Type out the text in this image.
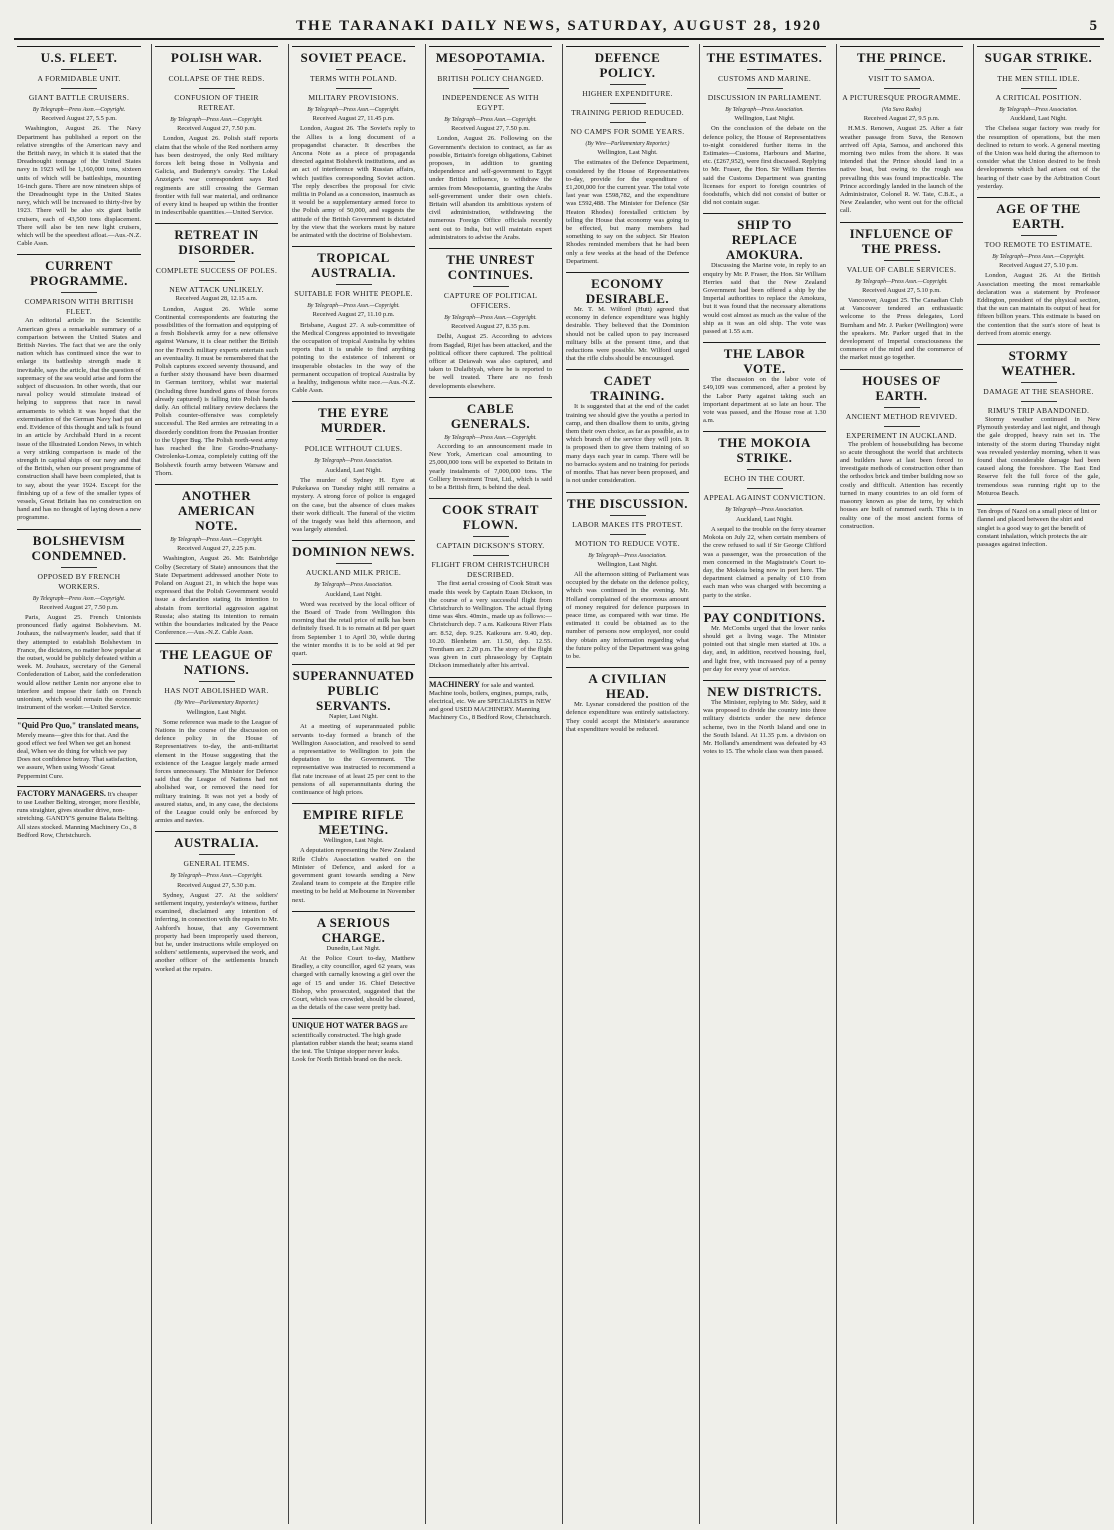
THE TARANAKI DAILY NEWS, SATURDAY, AUGUST 28, 1920	5
U.S. FLEET.
A FORMIDABLE UNIT.
GIANT BATTLE CRUISERS.
By Telegraph—Press Assn.—Copyright.
Received August 27, 5.5 p.m.

Washington, August 26. The Navy Department has published a report on the relative strengths of the American navy and the British navy, in which it is stated that the Dreadnought tonnage of the United States navy in 1923 will be 1,160,000 tons, sixteen units of which will be battleships, mounting 16-inch guns. There are now nineteen ships of the Dreadnought type in the United States navy, which will be increased to thirty-five by 1923. There will be also six giant battle cruisers, each of 43,500 tons displacement. There will also be ten new light cruisers, which will be the speediest afloat.—Aus.-N.Z. Cable Assn.

CURRENT PROGRAMME.
COMPARISON WITH BRITISH FLEET.

An editorial article in the Scientific American gives a remarkable summary of a comparison between the United States and British Navies. The fact that we are the only nation which has continued since the war to enlarge its battleship strength made it inevitable, says the article, that the question of supremacy of the sea would arise and form the subject of discussion. In other words, that our naval policy would stimulate instead of helping to suppress that race in naval armaments to which it was hoped that the extermination of the German Navy had put an end. Evidence of this thought and talk is found in an article by Archibald Hurd in a recent issue of the Illustrated London News, in which a very striking comparison is made of the strength in capital ships of our navy and that of the British, when our present programme of construction shall have been completed, that is to say, about the year 1924. Except for the finishing up of a few of the smaller types of vessels, Great Britain has no construction on hand and has no thought of laying down a new programme.

BOLSHEVISM CONDEMNED.
OPPOSED BY FRENCH WORKERS.
By Telegraph—Press Assn.—Copyright.
Received August 27, 7.50 p.m.

Paris, August 25. French Unionists pronounced flatly against Bolshevism. M. Jouhaux, the railwaymen's leader, said that if they attempted to establish Bolshevism in France, the dictators, no matter how popular at the outset, would be publicly defeated within a week. M. Jouhaux, secretary of the General Confederation of Labor, said the confederation would allow neither Lenin nor anyone else to interfere and impose their faith on French unionism, which would remain the economic instrument of the worker.—United Service.

"Quid Pro Quo," translated means, Merely means—give this for that. And the good effect we feel When we get an honest deal, When we do thing for which we pay Does not confidence betray. That satisfaction, we assure, When using Woods' Great Peppermint Cure.
FACTORY MANAGERS. It's cheaper to use Leather Belting, stronger, more flexible, runs straighter, gives steadier drive, non-stretching. GANDY'S genuine Balata Belting. All sizes stocked. Manning Machinery Co., 8 Bedford Row, Christchurch.
POLISH WAR.
COLLAPSE OF THE REDS.
CONFUSION OF THEIR RETREAT.
By Telegraph—Press Assn.—Copyright.
Received August 27, 7.50 p.m.

London, August 26. Polish staff reports claim that the whole of the Red northern army has been destroyed, the only Red military forces left being those in Volhynia and Galicia, and Budenny's cavalry. The Lokal Anzeiger's war correspondent says Red regiments are still crossing the German frontier with full war material, and ordinance of every kind is heaped up within the frontier in indescribable quantities.—United Service.

RETREAT IN DISORDER.
COMPLETE SUCCESS OF POLES.
NEW ATTACK UNLIKELY.
Received August 28, 12.15 a.m.

London, August 26. While some Continental correspondents are featuring the possibilities of the formation and equipping of a fresh Bolshevik army for a new offensive against Warsaw, it is clear neither the British nor the French military experts entertain such an eventuality. It must be remembered that the Polish captures exceed seventy thousand, and a further sixty thousand have been disarmed in German territory, whilst war material (including three hundred guns of those forces already captured) is falling into Polish hands daily. An official military review declares the Polish counter-offensive was completely successful. The Red armies are retreating in a disorderly condition from the Prussian frontier to the Upper Bug. The Polish north-west army has reached the line Grodno-Pruzhany-Ostrolenka-Lomza, completely cutting off the Bolshevik fourth army between Warsaw and Thorn.

ANOTHER AMERICAN NOTE.
By Telegraph—Press Assn.—Copyright.
Received August 27, 2.25 p.m.

Washington, August 26. Mr. Bainbridge Colby (Secretary of State) announces that the State Department addressed another Note to Poland on August 21, in which the hope was expressed that the Polish Government would issue a declaration stating its intention to abstain from territorial aggression against Russia; also stating its intention to remain within the boundaries indicated by the Peace Conference.—Aus.-N.Z. Cable Assn.

THE LEAGUE OF NATIONS.
HAS NOT ABOLISHED WAR.
(By Wire—Parliamentary Reporter.)
Wellington, Last Night.

Some reference was made to the League of Nations in the course of the discussion on defence policy in the House of Representatives to-day, the anti-militarist element in the House suggesting that the existence of the League largely made armed forces unnecessary. The Minister for Defence said that the League of Nations had not abolished war, or removed the need for military training. It was not yet a body of assured status, and, in any case, the decisions of the League could only be enforced by armies and navies.

AUSTRALIA.
GENERAL ITEMS.
By Telegraph—Press Assn.—Copyright.
Received August 27, 5.30 p.m.

Sydney, August 27. At the soldiers' settlement inquiry, yesterday's witness, further examined, disclaimed any intention of inferring, in connection with the repairs to Mr. Ashford's house, that any Government property had been improperly used thereon, but he, under instructions while employed on soldiers' settlements, supervised the work, and another officer of the settlements branch worked at the repairs.

SOVIET PEACE.
TERMS WITH POLAND.
MILITARY PROVISIONS.
By Telegraph—Press Assn.—Copyright.
Received August 27, 11.45 p.m.

London, August 26. The Soviet's reply to the Allies is a long document of a propagandist character. It describes the Ancona Note as a piece of propaganda directed against Bolshevik institutions, and as an act of interference with Russian affairs, which justifies corresponding Soviet action. The reply describes the proposal for civic militia in Poland as a concession, inasmuch as it would be a supplementary armed force to the Polish army of 50,000, and suggests the attitude of the British Government is dictated by the view that the workers must by nature be animated with the doctrine of Bolshevism.

TROPICAL AUSTRALIA.
SUITABLE FOR WHITE PEOPLE.
By Telegraph—Press Assn.—Copyright.
Received August 27, 11.10 p.m.

Brisbane, August 27. A sub-committee of the Medical Congress appointed to investigate the occupation of tropical Australia by whites reports that it is unable to find anything pointing to the existence of inherent or insuperable obstacles in the way of the permanent occupation of tropical Australia by a healthy, indigenous white race.—Aus.-N.Z. Cable Assn.

THE EYRE MURDER.
POLICE WITHOUT CLUES.
By Telegraph—Press Association.
Auckland, Last Night.

The murder of Sydney H. Eyre at Pukekawa on Tuesday night still remains a mystery. A strong force of police is engaged on the case, but the absence of clues makes their work difficult. The funeral of the victim of the tragedy was held this afternoon, and was largely attended.

DOMINION NEWS.
AUCKLAND MILK PRICE.
By Telegraph—Press Association.
Auckland, Last Night.

Word was received by the local officer of the Board of Trade from Wellington this morning that the retail price of milk has been definitely fixed. It is to remain at 8d per quart from September 1 to April 30, while during the winter months it is to be sold at 9d per quart.

SUPERANNUATED PUBLIC SERVANTS.
Napier, Last Night.

At a meeting of superannuated public servants to-day formed a branch of the Wellington Association, and resolved to send a representative to Wellington to join the deputation to the Government. The representative was instructed to recommend a flat rate increase of at least 25 per cent to the pensions of all superannuitants during the continuance of high prices.

EMPIRE RIFLE MEETING.
Wellington, Last Night.

A deputation representing the New Zealand Rifle Club's Association waited on the Minister of Defence, and asked for a government grant towards sending a New Zealand team to compete at the Empire rifle meeting to be held at Melbourne in November next.

A SERIOUS CHARGE.
Dunedin, Last Night.

At the Police Court to-day, Matthew Bradley, a city councillor, aged 62 years, was charged with carnally knowing a girl over the age of 15 and under 16. Chief Detective Bishop, who prosecuted, suggested that the Court, which was crowded, should be cleared, as the details of the case were pretty bad.

UNIQUE HOT WATER BAGS are scientifically constructed. The high grade plantation rubber stands the heat; seams stand the test. The Unique stopper never leaks. Look for North British brand on the neck.
MESOPOTAMIA.
BRITISH POLICY CHANGED.
INDEPENDENCE AS WITH EGYPT.
By Telegraph—Press Assn.—Copyright.
Received August 27, 7.50 p.m.

London, August 26. Following on the Government's decision to contract, as far as possible, Britain's foreign obligations, Cabinet proposes, in addition to granting independence and self-government to Egypt under British influence, to withdraw the armies from Mesopotamia, granting the Arabs self-government under their own chiefs. Britain will abandon its ambitious system of civil administration, withdrawing the numerous Foreign Office officials recently sent out to India, but will maintain expert administrators to advise the Arabs.

THE UNREST CONTINUES.
CAPTURE OF POLITICAL OFFICERS.
By Telegraph—Press Assn.—Copyright.
Received August 27, 8.35 p.m.

Delhi, August 25. According to advices from Bagdad, Rijet has been attacked, and the political officer there captured. The political officer at Deiawah was also captured, and taken to Dulaibiyah, where he is reported to be well treated. There are no fresh developments elsewhere.

CABLE GENERALS.
By Telegraph—Press Assn.—Copyright.

According to an announcement made in New York, American coal amounting to 25,000,000 tons will be exported to Britain in yearly instalments of 7,000,000 tons. The Colliery Investment Trust, Ltd., which is said to be a British firm, is behind the deal.

COOK STRAIT FLOWN.
CAPTAIN DICKSON'S STORY.
FLIGHT FROM CHRISTCHURCH DESCRIBED.

The first aerial crossing of Cook Strait was made this week by Captain Euan Dickson, in the course of a very successful flight from Christchurch to Wellington. The actual flying time was 4hrs. 40min., made up as follows:— Christchurch dep. 7 a.m. Kaikoura River Flats arr. 8.52, dep. 9.25. Kaikoura arr. 9.40, dep. 10.20. Blenheim arr. 11.50, dep. 12.55. Trentham arr. 2.20 p.m. The story of the flight was given in curt phraseology by Captain Dickson immediately after his arrival.

MACHINERY for sale and wanted. Machine tools, boilers, engines, pumps, rails, electrical, etc. We are SPECIALISTS in NEW and good USED MACHINERY. Manning Machinery Co., 8 Bedford Row, Christchurch.
DEFENCE POLICY.
HIGHER EXPENDITURE.
TRAINING PERIOD REDUCED.
NO CAMPS FOR SOME YEARS.
(By Wire—Parliamentary Reporter.)
Wellington, Last Night.

The estimates of the Defence Department, considered by the House of Representatives to-day, provide for the expenditure of £1,200,000 for the current year. The total vote last year was £598,782, and the expenditure was £592,488. The Minister for Defence (Sir Heaton Rhodes) forestalled criticism by telling the House that economy was going to be effected, but many members had something to say on the subject. Sir Heaton Rhodes reminded members that he had been only a few weeks at the head of the Defence Department.

ECONOMY DESIRABLE.

Mr. T. M. Wilford (Hutt) agreed that economy in defence expenditure was highly desirable. They believed that the Dominion should not be called upon to pay increased military bills at the present time, and that reductions were possible. Mr. Wilford urged that the rifle clubs should be encouraged.

CADET TRAINING.

It is suggested that at the end of the cadet training we should give the youths a period in camp, and then disallow them to units, giving them their own choice, as far as possible, as to which branch of the service they will join. It is proposed then to give them training of so many days each year in camp. There will be no barracks system and no training for periods of months. That has never been proposed, and is not under consideration.

THE DISCUSSION.
LABOR MAKES ITS PROTEST.
MOTION TO REDUCE VOTE.
By Telegraph—Press Association.
Wellington, Last Night.

All the afternoon sitting of Parliament was occupied by the debate on the defence policy, which was continued in the evening. Mr. Holland complained of the enormous amount of money required for defence purposes in peace time, as compared with war time. He estimated it could be obtained as to the number of persons now employed, nor could they obtain any information regarding what the future policy of the Department was going to be.

A CIVILIAN HEAD.

Mr. Lysnar considered the position of the defence expenditure was entirely satisfactory. They could accept the Minister's assurance that expenditure would be reduced.

THE ESTIMATES.
CUSTOMS AND MARINE.
DISCUSSION IN PARLIAMENT.
By Telegraph—Press Association.
Wellington, Last Night.

On the conclusion of the debate on the defence policy, the House of Representatives to-night considered further items in the Estimates—Customs, Harbours and Marine, etc. (£267,952), were first discussed. Replying to Mr. Fraser, the Hon. Sir William Herries said the Customs Department was granting licenses for export to foreign countries of foodstuffs, which did not consist of butter or did not contain sugar.

SHIP TO REPLACE AMOKURA.

Discussing the Marine vote, in reply to an enquiry by Mr. P. Fraser, the Hon. Sir William Herries said that the New Zealand Government had been offered a ship by the Imperial authorities to replace the Amokura, but it was found that the necessary alterations would cost almost as much as the value of the ship as it was an old ship. The vote was passed at 1.55 a.m.

THE LABOR VOTE.

The discussion on the labor vote of £49,109 was commenced, after a protest by the Labor Party against taking such an important department at so late an hour. The vote was passed, and the House rose at 1.30 a.m.

THE MOKOIA STRIKE.
ECHO IN THE COURT.
APPEAL AGAINST CONVICTION.
By Telegraph—Press Association.
Auckland, Last Night.

A sequel to the trouble on the ferry steamer Mokoia on July 22, when certain members of the crew refused to sail if Sir George Clifford was a passenger, was the prosecution of the men concerned in the Magistrate's Court to-day, the Mokoia being now in port here. The department claimed a penalty of £10 from each man who was charged with becoming a party to the strike.

PAY CONDITIONS.

Mr. McCombs urged that the lower ranks should get a living wage. The Minister pointed out that single men started at 10s. a day, and, in addition, received housing, fuel, and light free, with increased pay of a penny per day for every year of service.

NEW DISTRICTS.

The Minister, replying to Mr. Sidey, said it was proposed to divide the country into three military districts under the new defence scheme, two in the North Island and one in the South Island. At 11.35 p.m. a division on Mr. Holland's amendment was defeated by 43 votes to 15. The whole class was then passed.

THE PRINCE.
VISIT TO SAMOA.
A PICTURESQUE PROGRAMME.
(Via Suva Radio)
Received August 27, 9.5 p.m.

H.M.S. Renown, August 25. After a fair weather passage from Suva, the Renown arrived off Apia, Samoa, and anchored this morning two miles from the shore. It was intended that the Prince should land in a native boat, but owing to the rough sea prevailing this was found impracticable. The Prince accordingly landed in the launch of the Administrator, Colonel R. W. Tate, C.B.E., a New Zealander, who went out for the official call.

INFLUENCE OF THE PRESS.
VALUE OF CABLE SERVICES.
By Telegraph—Press Assn.—Copyright.
Received August 27, 5.10 p.m.

Vancouver, August 25. The Canadian Club at Vancouver tendered an enthusiastic welcome to the Press delegates, Lord Burnham and Mr. J. Parker (Wellington) were the speakers. Mr. Parker urged that in the development of Imperial consciousness the commerce of the mind and the commerce of the market must go together.

HOUSES OF EARTH.
ANCIENT METHOD REVIVED.
EXPERIMENT IN AUCKLAND.

The problem of housebuilding has become so acute throughout the world that architects and builders have at last been forced to investigate methods of construction other than the orthodox brick and timber building now so costly and difficult. Attention has recently turned in many countries to an old form of masonry known as pise de terre, by which houses are built of rammed earth. This is in reality one of the most ancient forms of construction.

SUGAR STRIKE.
THE MEN STILL IDLE.
A CRITICAL POSITION.
By Telegraph—Press Association.
Auckland, Last Night.

The Chelsea sugar factory was ready for the resumption of operations, but the men declined to return to work. A general meeting of the Union was held during the afternoon to consider what the Union desired to be fresh developments which had arisen out of the hearing of their case by the Arbitration Court yesterday.

AGE OF THE EARTH.
TOO REMOTE TO ESTIMATE.
By Telegraph—Press Assn.—Copyright.
Received August 27, 5.10 p.m.

London, August 26. At the British Association meeting the most remarkable declaration was a statement by Professor Eddington, president of the physical section, that the sun can maintain its output of heat for fifteen billion years. This estimate is based on the contention that the sun's store of heat is derived from atomic energy.

STORMY WEATHER.
DAMAGE AT THE SEASHORE.
RIMU'S TRIP ABANDONED.

Stormy weather continued in New Plymouth yesterday and last night, and though the gale dropped, heavy rain set in. The intensity of the storm during Thursday night was revealed yesterday morning, when it was found that considerable damage had been caused along the foreshore. The East End Reserve felt the full force of the gale, tremendous seas running right up to the Moturoa Beach.

Ten drops of Nazol on a small piece of lint or flannel and placed between the shirt and singlet is a good way to get the benefit of constant inhalation, which protects the air passages against infection.
